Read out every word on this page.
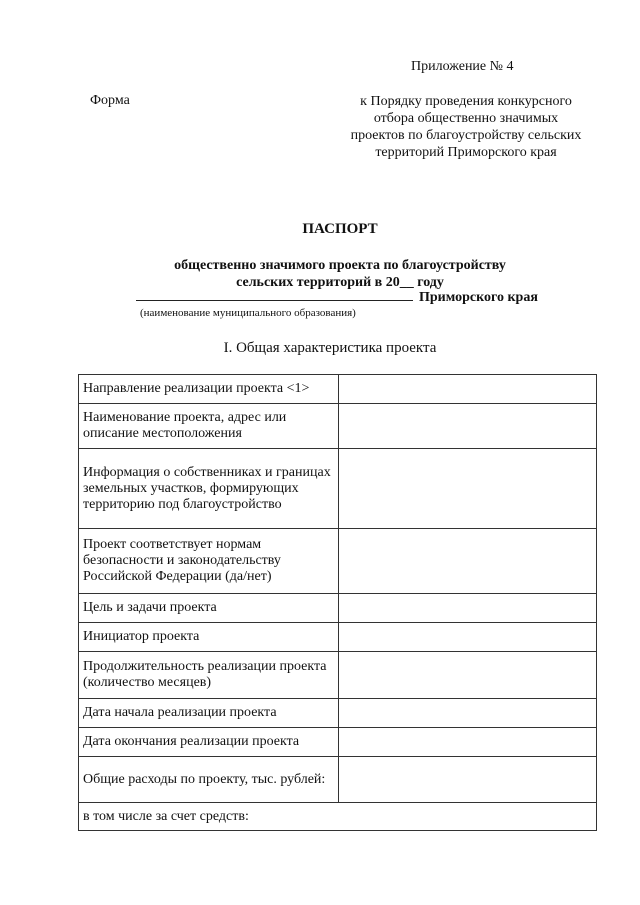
Приложение № 4
Форма	к Порядку проведения конкурсного
отбора общественно значимых
проектов по благоустройству сельских
территорий Приморского края
ПАСПОРТ
общественно значимого проекта по благоустройству
сельских территорий в 20__ году
Приморского края
(наименование муниципального образования)
I. Общая характеристика проекта
Направление реализации проекта <1>	
Наименование проекта, адрес или описание местоположения	
Информация о собственниках и границах земельных участков, формирующих территорию под благоустройство	
Проект соответствует нормам безопасности и законодательству Российской Федерации (да/нет)	
Цель и задачи проекта	
Инициатор проекта	
Продолжительность реализации проекта (количество месяцев)	
Дата начала реализации проекта	
Дата окончания реализации проекта	
Общие расходы по проекту, тыс. рублей:	
в том числе за счет средств:	
